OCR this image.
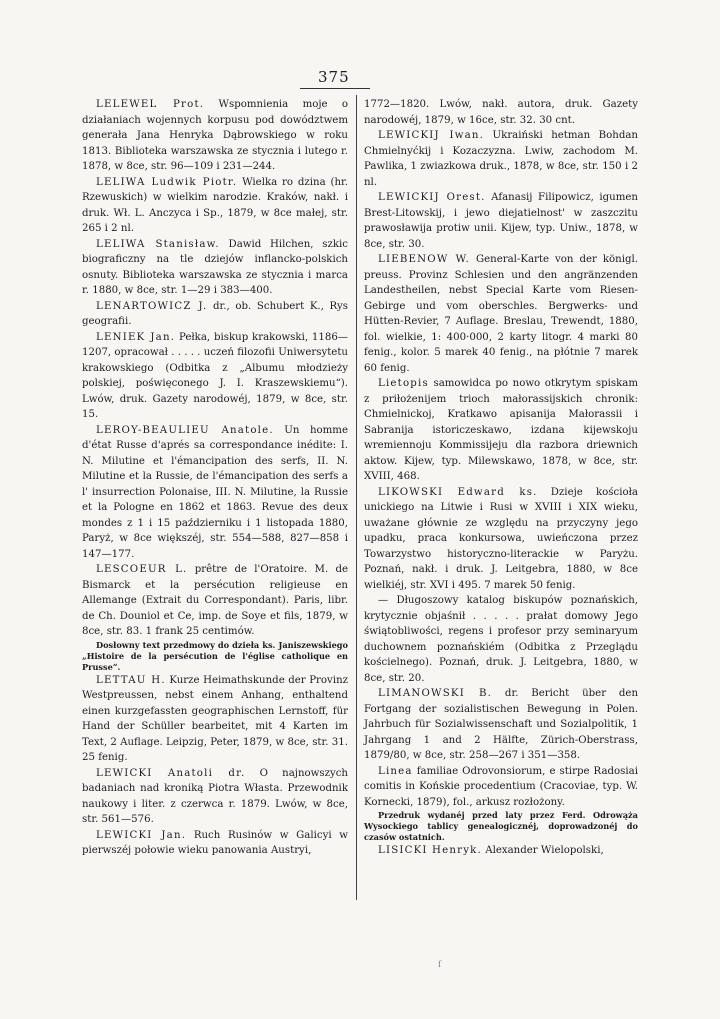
375

LELEWEL Prot. Wspomnienia moje o działaniach wojennych korpusu pod dowództwem generała Jana Henryka Dąbrowskiego w roku 1813. Biblioteka warszawska ze stycznia i lutego r. 1878, w 8ce, str. 96—109 i 231—244.

LELIWA Ludwik Piotr. Wielka ro dzina (hr. Rzewuskich) w wielkim narodzie. Kraków, nakł. i druk. Wł. L. Anczyca i Sp., 1879, w 8ce małej, str. 265 i 2 nl.

LELIWA Stanisław. Dawid Hilchen, szkic biograficzny na tle dziejów inflancko-polskich osnuty. Biblioteka warszawska ze stycznia i marca r. 1880, w 8ce, str. 1—29 i 383—400.

LENARTOWICZ J. dr., ob. Schubert K., Rys geografii.

LENIEK Jan. Pełka, biskup krakowski, 1186—1207, opracował . . . . . uczeń filozofii Uniwersytetu krakowskiego (Odbitka z „Albumu młodzieży polskiej, poświęconego J. I. Kraszewskiemu“). Lwów, druk. Gazety narodowéj, 1879, w 8ce, str. 15.

LEROY-BEAULIEU Anatole. Un homme d'état Russe d'aprés sa correspondance inédite: I. N. Milutine et l'émancipation des serfs, II. N. Milutine et la Russie, de l'émancipation des serfs a l' insurrection Polonaise, III. N. Milutine, la Russie et la Pologne en 1862 et 1863. Revue des deux mondes z 1 i 15 październiku i 1 listopada 1880, Paryż, w 8ce większéj, str. 554—588, 827—858 i 147—177.

LESCOEUR L. prêtre de l'Oratoire. M. de Bismarck et la persécution religieuse en Allemange (Extrait du Correspondant). Paris, libr. de Ch. Douniol et Ce, imp. de Soye et fils, 1879, w 8ce, str. 83. 1 frank 25 centimów.

Dosłowny text przedmowy do dzieła ks. Janiszewskiego „Histoire de la persécution de l'église catholique en Prusse“.

LETTAU H. Kurze Heimathskunde der Provinz Westpreussen, nebst einem Anhang, enthaltend einen kurzgefassten geographischen Lernstoff, für Hand der Schüller bearbeitet, mit 4 Karten im Text, 2 Auflage. Leipzig, Peter, 1879, w 8ce, str. 31. 25 fenig.

LEWICKI Anatoli dr. O najnowszych badaniach nad kroniką Piotra Własta. Przewodnik naukowy i liter. z czerwca r. 1879. Lwów, w 8ce, str. 561—576.

LEWICKI Jan. Ruch Rusinów w Galicyi w pierwszéj połowie wieku panowania Austryi,

1772—1820. Lwów, nakł. autora, druk. Gazety narodowéj, 1879, w 16ce, str. 32. 30 cnt.

LEWICKIJ Iwan. Ukraiński hetman Bohdan Chmielnyćkij i Kozaczyzna. Lwiw, zachodom M. Pawlika, 1 zwiazkowa druk., 1878, w 8ce, str. 150 i 2 nl.

LEWICKIJ Orest. Afanasij Filipowicz, igumen Brest-Litowskij, i jewo diejatielnost' w zaszczitu prawosławija protiw unii. Kijew, typ. Uniw., 1878, w 8ce, str. 30.

LIEBENOW W. General-Karte von der königl. preuss. Provinz Schlesien und den angränzenden Landestheilen, nebst Special Karte vom Riesen-Gebirge und vom oberschles. Bergwerks- und Hütten-Revier, 7 Auflage. Breslau, Trewendt, 1880, fol. wielkie, 1: 400·000, 2 karty litogr. 4 marki 80 fenig., kolor. 5 marek 40 fenig., na płótnie 7 marek 60 fenig.

Lietopis samowidca po nowo otkrytym spiskam z priłożenijem trioch małorassijskich chronik: Chmielnickoj, Kratkawo apisanija Małorassii i Sabranija istoriczeskawo, izdana kijewskoju wremiennoju Kommissijeju dla razbora driewnich aktow. Kijew, typ. Milewskawo, 1878, w 8ce, str. XVIII, 468.

LIKOWSKI Edward ks. Dzieje kościoła unickiego na Litwie i Rusi w XVIII i XIX wieku, uważane głównie ze względu na przyczyny jego upadku, praca konkursowa, uwieńczona przez Towarzystwo historyczno-literackie w Paryżu. Poznań, nakł. i druk. J. Leitgebra, 1880, w 8ce wielkiéj, str. XVI i 495. 7 marek 50 fenig.

— Długoszowy katalog biskupów poznańskich, krytycznie objaśnił . . . . . prałat domowy Jego świątobliwości, regens i profesor przy seminaryum duchownem poznańskiém (Odbitka z Przeglądu kościelnego). Poznań, druk. J. Leitgebra, 1880, w 8ce, str. 20.

LIMANOWSKI B. dr. Bericht über den Fortgang der sozialistischen Bewegung in Polen. Jahrbuch für Sozialwissenschaft und Sozialpolitik, 1 Jahrgang 1 and 2 Hälfte, Zürich-Oberstrass, 1879/80, w 8ce, str. 258—267 i 351—358.

Linea familiae Odrovonsiorum, e stirpe Radosiai comitis in Końskie procedentium (Cracoviae, typ. W. Kornecki, 1879), fol., arkusz rozłożony.

Przedruk wydanéj przed laty przez Ferd. Odrowąża Wysockiego tablicy genealogicznéj, doprowadzonéj do czasów ostatnich.

LISICKI Henryk. Alexander Wielopolski,

ſ
